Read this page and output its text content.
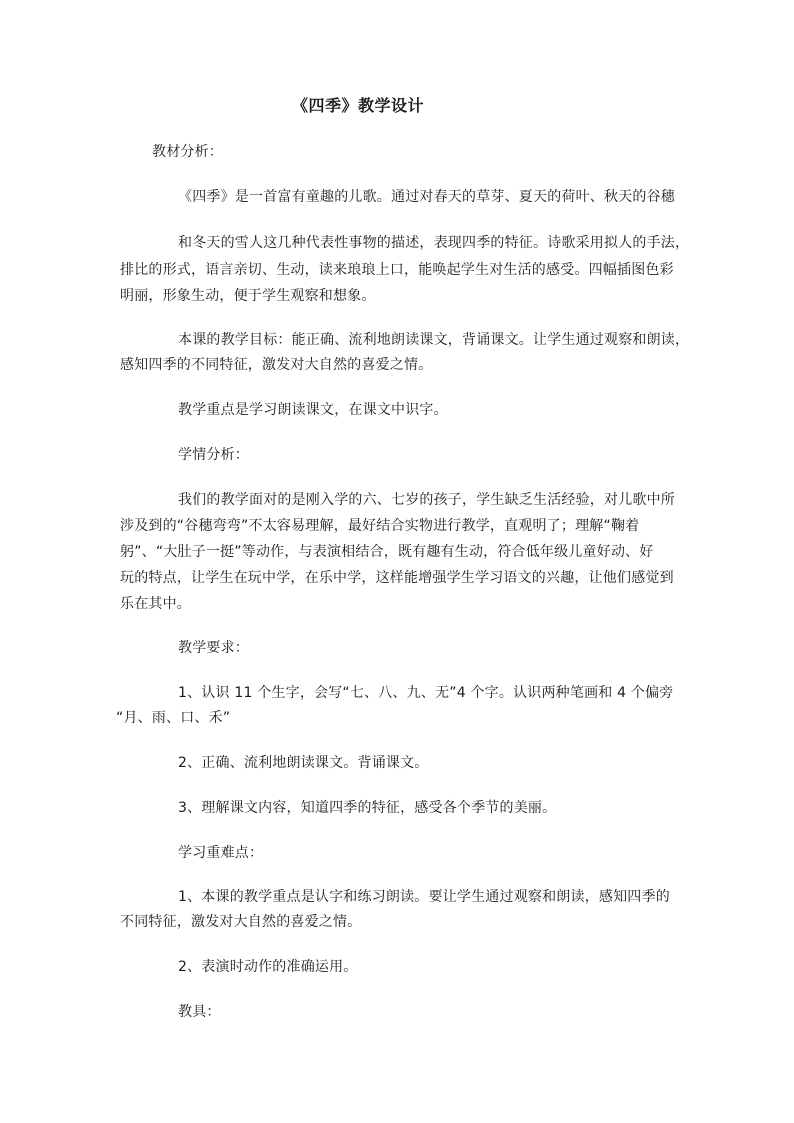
《四季》教学设计
教材分析：
《四季》是一首富有童趣的儿歌。通过对春天的草芽、夏天的荷叶、秋天的谷穗
和冬天的雪人这几种代表性事物的描述，表现四季的特征。诗歌采用拟人的手法，
排比的形式，语言亲切、生动，读来琅琅上口，能唤起学生对生活的感受。四幅插图色彩
明丽，形象生动，便于学生观察和想象。
本课的教学目标：能正确、流利地朗读课文，背诵课文。让学生通过观察和朗读，
感知四季的不同特征，激发对大自然的喜爱之情。
教学重点是学习朗读课文，在课文中识字。
学情分析：
我们的教学面对的是刚入学的六、七岁的孩子，学生缺乏生活经验，对儿歌中所
涉及到的“谷穗弯弯”不太容易理解，最好结合实物进行教学，直观明了；理解“鞠着
躬”、“大肚子一挺”等动作，与表演相结合，既有趣有生动，符合低年级儿童好动、好
玩的特点，让学生在玩中学，在乐中学，这样能增强学生学习语文的兴趣，让他们感觉到
乐在其中。
教学要求：
1、认识 11 个生字，会写“七、八、九、无”4 个字。认识两种笔画和 4 个偏旁
“月、雨、口、禾”
2、正确、流利地朗读课文。背诵课文。
3、理解课文内容，知道四季的特征，感受各个季节的美丽。
学习重难点：
1、本课的教学重点是认字和练习朗读。要让学生通过观察和朗读，感知四季的
不同特征，激发对大自然的喜爱之情。
2、表演时动作的准确运用。
教具：
